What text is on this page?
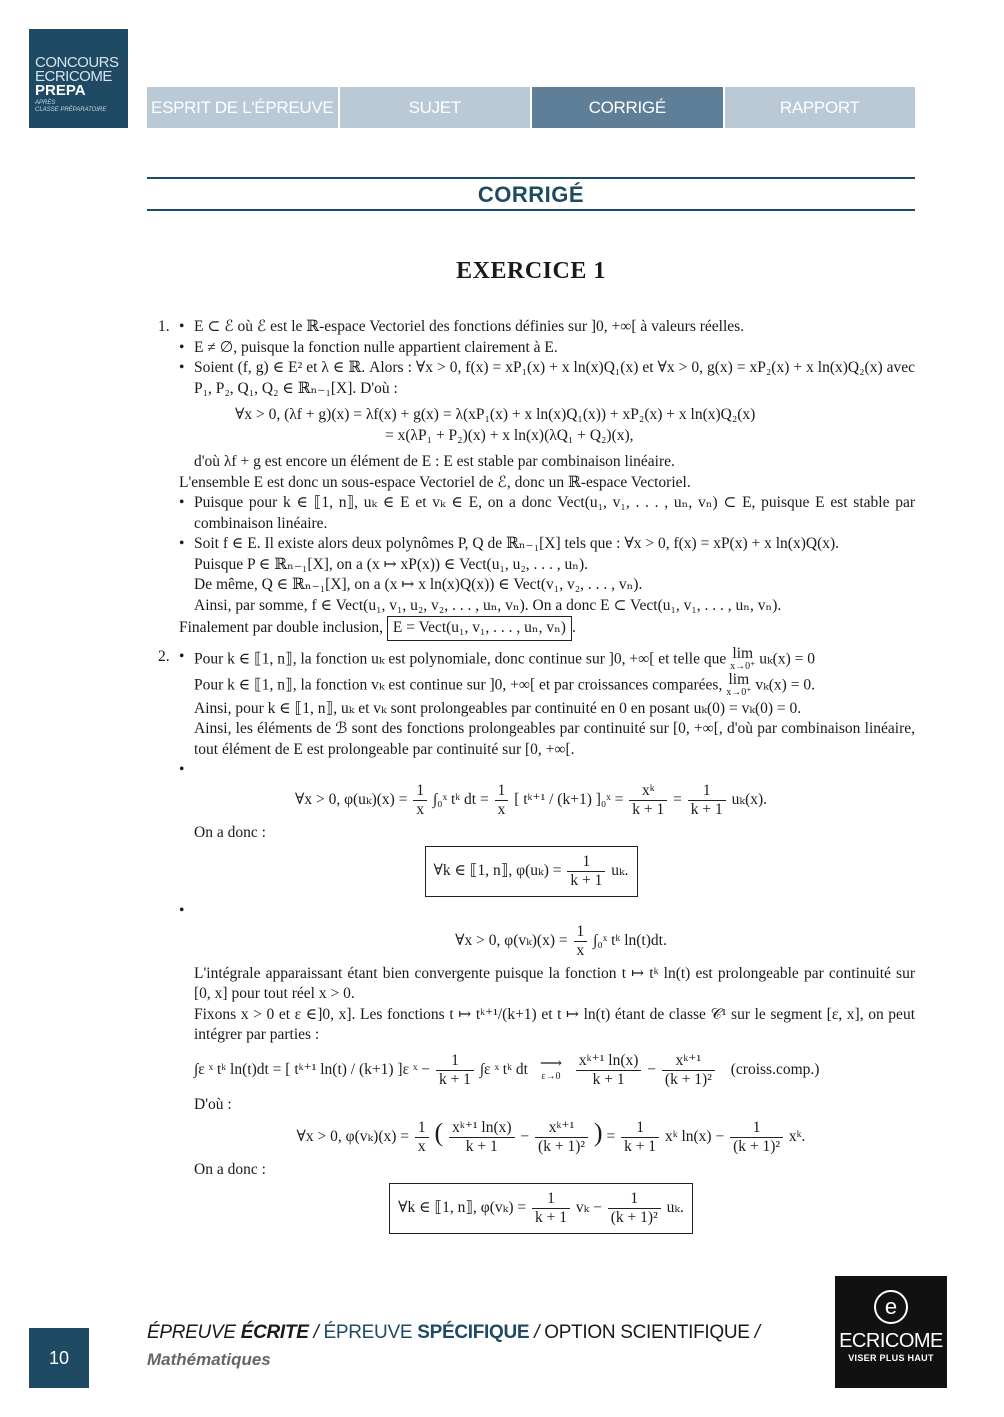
CONCOURS
ECRICOME
PREPA
APRÈS
CLASSE PRÉPARATOIRE	ESPRIT DE L'ÉPREUVE	SUJET	CORRIGÉ	RAPPORT
CORRIGÉ
EXERCICE 1
1. • E ⊂ ℰ où ℰ est le ℝ-espace Vectoriel des fonctions définies sur ]0, +∞[ à valeurs réelles.
• E ≠ ∅, puisque la fonction nulle appartient clairement à E.
• Soient (f, g) ∈ E² et λ ∈ ℝ. Alors : ∀x > 0, f(x) = xP₁(x) + x ln(x)Q₁(x) et ∀x > 0, g(x) = xP₂(x) + x ln(x)Q₂(x) avec P₁, P₂, Q₁, Q₂ ∈ ℝₙ₋₁[X]. D'où :
∀x > 0, (λf + g)(x) = λf(x) + g(x) = λ(xP₁(x) + x ln(x)Q₁(x)) + xP₂(x) + x ln(x)Q₂(x)
= x(λP₁ + P₂)(x) + x ln(x)(λQ₁ + Q₂)(x),
d'où λf + g est encore un élément de E : E est stable par combinaison linéaire.
L'ensemble E est donc un sous-espace Vectoriel de ℰ, donc un ℝ-espace Vectoriel.
• Puisque pour k ∈ ⟦1, n⟧, uₖ ∈ E et vₖ ∈ E, on a donc Vect(u₁, v₁, . . . , uₙ, vₙ) ⊂ E, puisque E est stable par combinaison linéaire.
• Soit f ∈ E. Il existe alors deux polynômes P, Q de ℝₙ₋₁[X] tels que : ∀x > 0, f(x) = xP(x) + x ln(x)Q(x).
Puisque P ∈ ℝₙ₋₁[X], on a (x ↦ xP(x)) ∈ Vect(u₁, u₂, . . . , uₙ).
De même, Q ∈ ℝₙ₋₁[X], on a (x ↦ x ln(x)Q(x)) ∈ Vect(v₁, v₂, . . . , vₙ).
Ainsi, par somme, f ∈ Vect(u₁, v₁, u₂, v₂, . . . , uₙ, vₙ). On a donc E ⊂ Vect(u₁, v₁, . . . , uₙ, vₙ).
Finalement par double inclusion, E = Vect(u₁, v₁, . . . , uₙ, vₙ) .
2. • Pour k ∈ ⟦1, n⟧, la fonction uₖ est polynomiale, donc continue sur ]0, +∞[ et telle que lim
x→0⁺ uₖ(x) = 0
Pour k ∈ ⟦1, n⟧, la fonction vₖ est continue sur ]0, +∞[ et par croissances comparées, lim
x→0⁺ vₖ(x) = 0.
Ainsi, pour k ∈ ⟦1, n⟧, uₖ et vₖ sont prolongeables par continuité en 0 en posant uₖ(0) = vₖ(0) = 0.
Ainsi, les éléments de ℬ sont des fonctions prolongeables par continuité sur [0, +∞[, d'où par combinaison linéaire, tout élément de E est prolongeable par continuité sur [0, +∞[.
•
∀x > 0, $\varphi(u_k)(x) = \frac{1}{x}$ ∫₀ˣ tᵏ dt = $\frac{1}{x}$ [ tᵏ⁺¹ / (k+1) ]₀ˣ = $\frac{\text{xᵏ}}{k + 1} = \frac{1}{k + 1} u_k(x)$.
On a donc :
∀k ∈ ⟦1, n⟧, $\varphi(u_k) = \frac{1}{k + 1} u_k$.
•
∀x > 0, $\varphi(v_k)(x) = \frac{1}{x}$ ∫₀ˣ tᵏ ln(t)dt.
L'intégrale apparaissant étant bien convergente puisque la fonction t ↦ tᵏ ln(t) est prolongeable par continuité sur [0, x] pour tout réel x > 0.
Fixons x > 0 et ε ∈]0, x]. Les fonctions t ↦ tᵏ⁺¹/(k+1) et t ↦ ln(t) étant de classe 𝒞¹ sur le segment [ε, x], on peut intégrer par parties :
∫ε ˣ tᵏ ln(t)dt = [ tᵏ⁺¹ ln(t) / (k+1) ]ε ˣ − $\frac{1}{k + 1} \int\varepsilon$ ˣ tᵏ dt ⟶
ε→0
$\frac{\text{xᵏ⁺¹ ln(x)}}{k + 1} - \frac{\text{xᵏ⁺¹}}{\text{(k + 1)²}}$ (croiss.comp.)
D'où :
∀x > 0, $\varphi(v_k)(x) = \frac{1}{x}$ ( $\frac{\text{xᵏ⁺¹ ln(x)}}{k + 1} - \frac{\text{xᵏ⁺¹}}{\text{(k + 1)²}}$ ) = $\frac{1}{k + 1}$ xᵏ $\ln(x) - \frac{1}{\text{(k + 1)²}}$ xᵏ.
On a donc :
∀k ∈ ⟦1, n⟧, $\varphi(v_k) = \frac{1}{k + 1}$ $v_k - \frac{1}{\text{(k + 1)²}} u_k$.
10
ÉPREUVE ÉCRITE / ÉPREUVE SPÉCIFIQUE / OPTION SCIENTIFIQUE /
Mathématiques
e
ECRICOME
VISER PLUS HAUT
